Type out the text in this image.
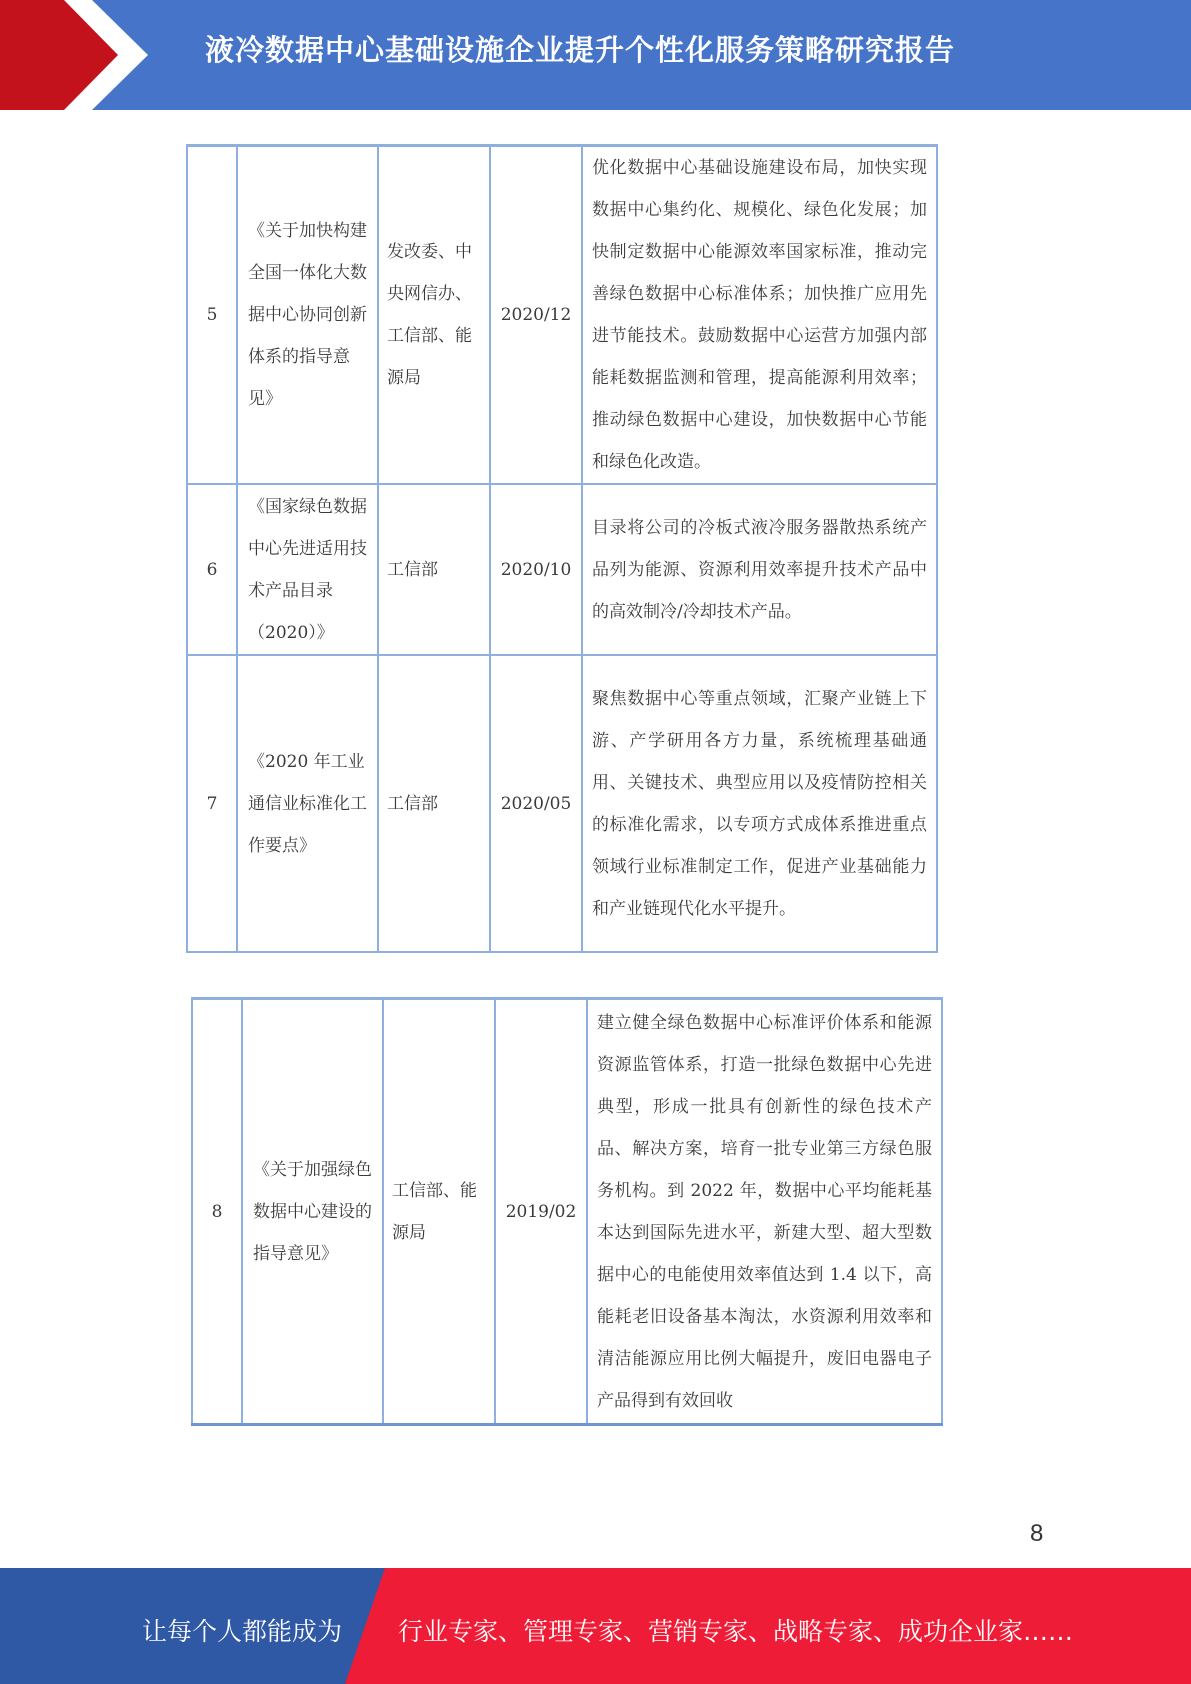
液冷数据中心基础设施企业提升个性化服务策略研究报告
5	《关于加快构建全国一体化大数据中心协同创新体系的指导意见》	发改委、中央网信办、工信部、能源局	2020/12	优化数据中心基础设施建设布局，加快实现数据中心集约化、规模化、绿色化发展；加快制定数据中心能源效率国家标准，推动完善绿色数据中心标准体系；加快推广应用先进节能技术。鼓励数据中心运营方加强内部能耗数据监测和管理，提高能源利用效率；推动绿色数据中心建设，加快数据中心节能和绿色化改造。
6	《国家绿色数据中心先进适用技术产品目录（2020）》	工信部	2020/10	目录将公司的冷板式液冷服务器散热系统产品列为能源、资源利用效率提升技术产品中的高效制冷/冷却技术产品。
7	《2020 年工业通信业标准化工作要点》	工信部	2020/05	聚焦数据中心等重点领域，汇聚产业链上下游、产学研用各方力量，系统梳理基础通用、关键技术、典型应用以及疫情防控相关的标准化需求，以专项方式成体系推进重点领域行业标准制定工作，促进产业基础能力和产业链现代化水平提升。
8	《关于加强绿色数据中心建设的指导意见》	工信部、能源局	2019/02	建立健全绿色数据中心标准评价体系和能源资源监管体系，打造一批绿色数据中心先进典型，形成一批具有创新性的绿色技术产品、解决方案，培育一批专业第三方绿色服务机构。到 2022 年，数据中心平均能耗基本达到国际先进水平，新建大型、超大型数据中心的电能使用效率值达到 1.4 以下，高能耗老旧设备基本淘汰，水资源利用效率和清洁能源应用比例大幅提升，废旧电器电子产品得到有效回收
8
让每个人都能成为 行业专家、管理专家、营销专家、战略专家、成功企业家……
